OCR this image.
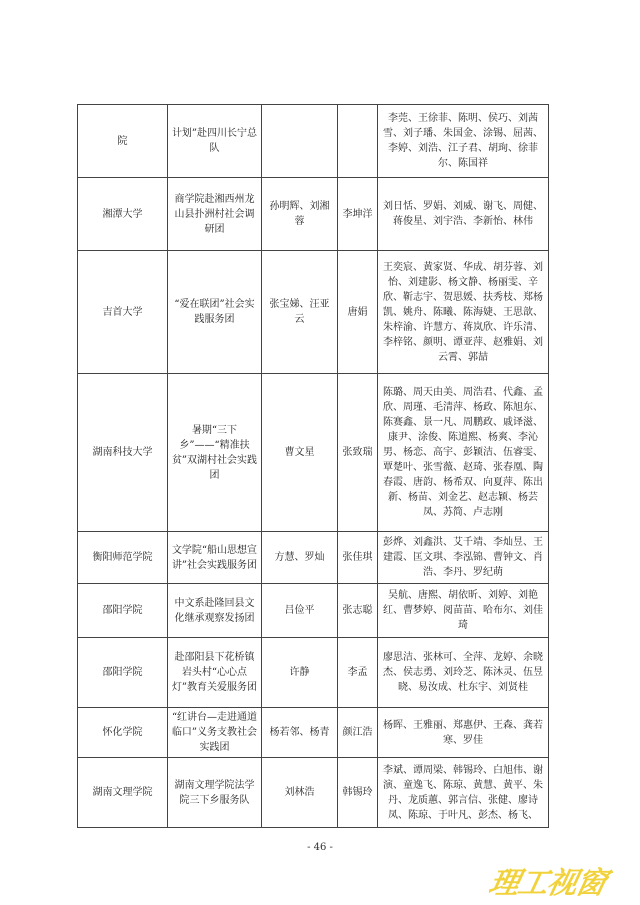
院	计划”赴四川长宁总队			李莞、王徐菲、陈明、侯巧、刘茜雪、刘子璠、朱国金、涂锡、屈茜、李婷、刘浩、江子君、胡珣、徐菲尔、陈国祥
湘潭大学	商学院赴湘西州龙山县扑洲村社会调研团	孙明辉、刘湘蓉	李坤洋	刘日恬、罗娟、刘威、谢飞、周健、蒋俊星、刘宇浩、李新怡、林伟
吉首大学	“爱在联团”社会实践服务团	张宝娣、汪亚云	唐娟	王奕宸、黄家贤、华成、胡芬蓉、刘怡、刘建影、杨文静、杨丽雯、辛欣、靳志宇、贺思媛、扶秀枝、郑杨凯、姚舟、陈曦、陈海婕、王思歆、朱梓渝、许慧方、蒋岚欣、许乐清、李梓铭、颜明、谭亚萍、赵雅娟、刘云霄、郭喆
湖南科技大学	暑期“三下乡”——“精准扶贫”双湖村社会实践团	曹文星	张致瑞	陈璐、周天由美、周浩君、代鑫、孟欣、周瑾、毛清萍、杨政、陈旭东、陈赛鑫、景一凡、周鹏政、戚译滋、康尹、涂俊、陈道熙、杨爽、李沁男、杨恋、高宇、彭颖洁、伍睿雯、覃楚叶、张雪薇、赵琦、张春凰、陶春霞、唐韵、杨希双、向夏萍、陈出新、杨苗、刘金艺、赵志颖、杨芸凤、苏简、卢志刚
衡阳师范学院	文学院“船山思想宣讲”社会实践服务团	方慧、罗灿	张佳琪	彭烨、刘鑫洪、艾千靖、李灿昱、王建霞、匡文琪、李泓锦、曹钟文、肖浩、李丹、罗纪萌
邵阳学院	中文系赴隆回县文化继承观察发扬团	吕俭平	张志聪	吴航、唐熙、胡依昕、刘婷、刘艳红、曹梦婷、阅苗苗、哈布尔、刘佳琦
邵阳学院	赴邵阳县下花桥镇岩头村“心心点灯”教育关爱服务团	许静	李孟	廖思洁、张林可、全萍、龙婷、余晓杰、侯志勇、刘玲芝、陈沐灵、伍昱晓、易汝成、杜东宇、刘贤桂
怀化学院	“红讲台—走进通道临口”义务支教社会实践团	杨若邻、杨青	颜江浩	杨晖、王雅丽、郑惠伊、王森、龚若寒、罗佳
湖南文理学院	湖南文理学院法学院三下乡服务队	刘林浩	韩锡玲	李斌、谭周梁、韩锡玲、白旭伟、谢演、童逸飞、陈琼、黄慧、黄平、朱丹、龙质蕙、郭言信、张健、廖诗凤、陈琼、于叶凡、彭杰、杨飞、
- 46 -
理工视窗
